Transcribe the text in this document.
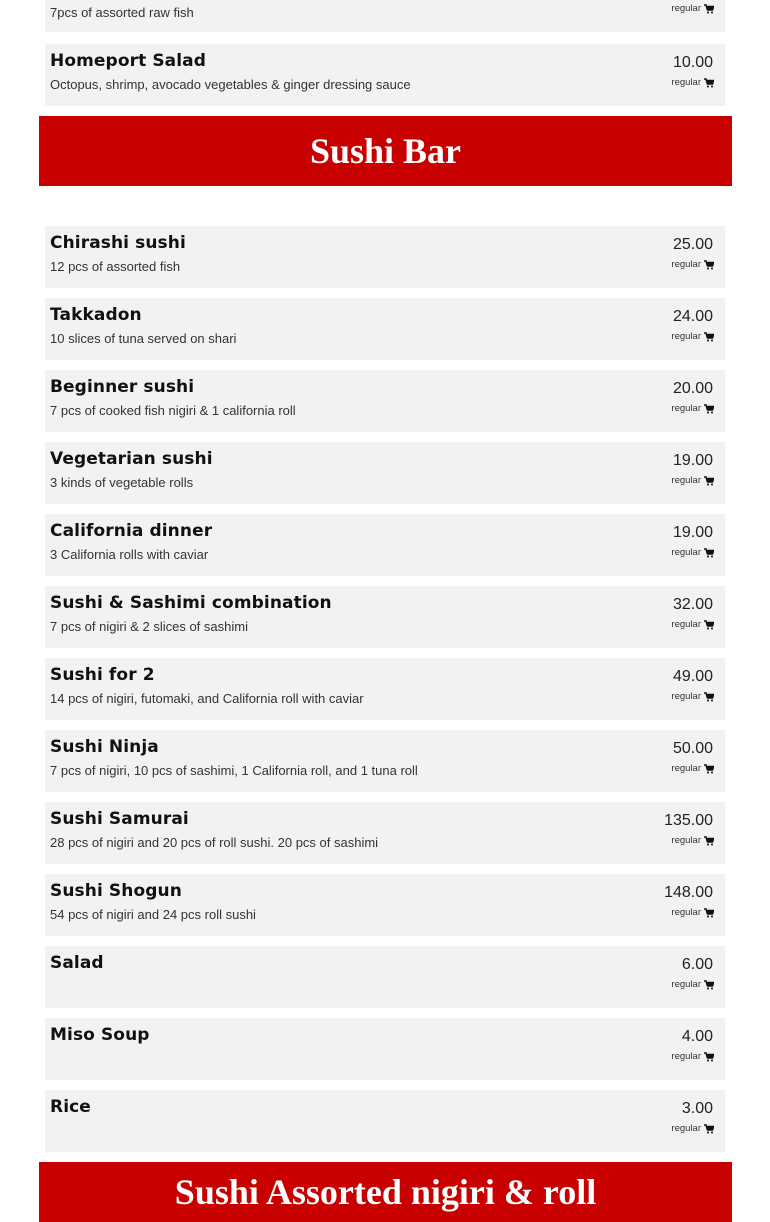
7pcs of assorted raw fish	regular
Homeport Salad
Octopus, shrimp, avocado vegetables & ginger dressing sauce
10.00
regular
Sushi Bar
Chirashi sushi
12 pcs of assorted fish
25.00
regular
Takkadon
10 slices of tuna served on shari
24.00
regular
Beginner sushi
7 pcs of cooked fish nigiri & 1 california roll
20.00
regular
Vegetarian sushi
3 kinds of vegetable rolls
19.00
regular
California dinner
3 California rolls with caviar
19.00
regular
Sushi & Sashimi combination
7 pcs of nigiri & 2 slices of sashimi
32.00
regular
Sushi for 2
14 pcs of nigiri, futomaki, and California roll with caviar
49.00
regular
Sushi Ninja
7 pcs of nigiri, 10 pcs of sashimi, 1 California roll, and 1 tuna roll
50.00
regular
Sushi Samurai
28 pcs of nigiri and 20 pcs of roll sushi. 20 pcs of sashimi
135.00
regular
Sushi Shogun
54 pcs of nigiri and 24 pcs roll sushi
148.00
regular
Salad	6.00
regular
Miso Soup	4.00
regular
Rice	3.00
regular
Sushi Assorted nigiri & roll
